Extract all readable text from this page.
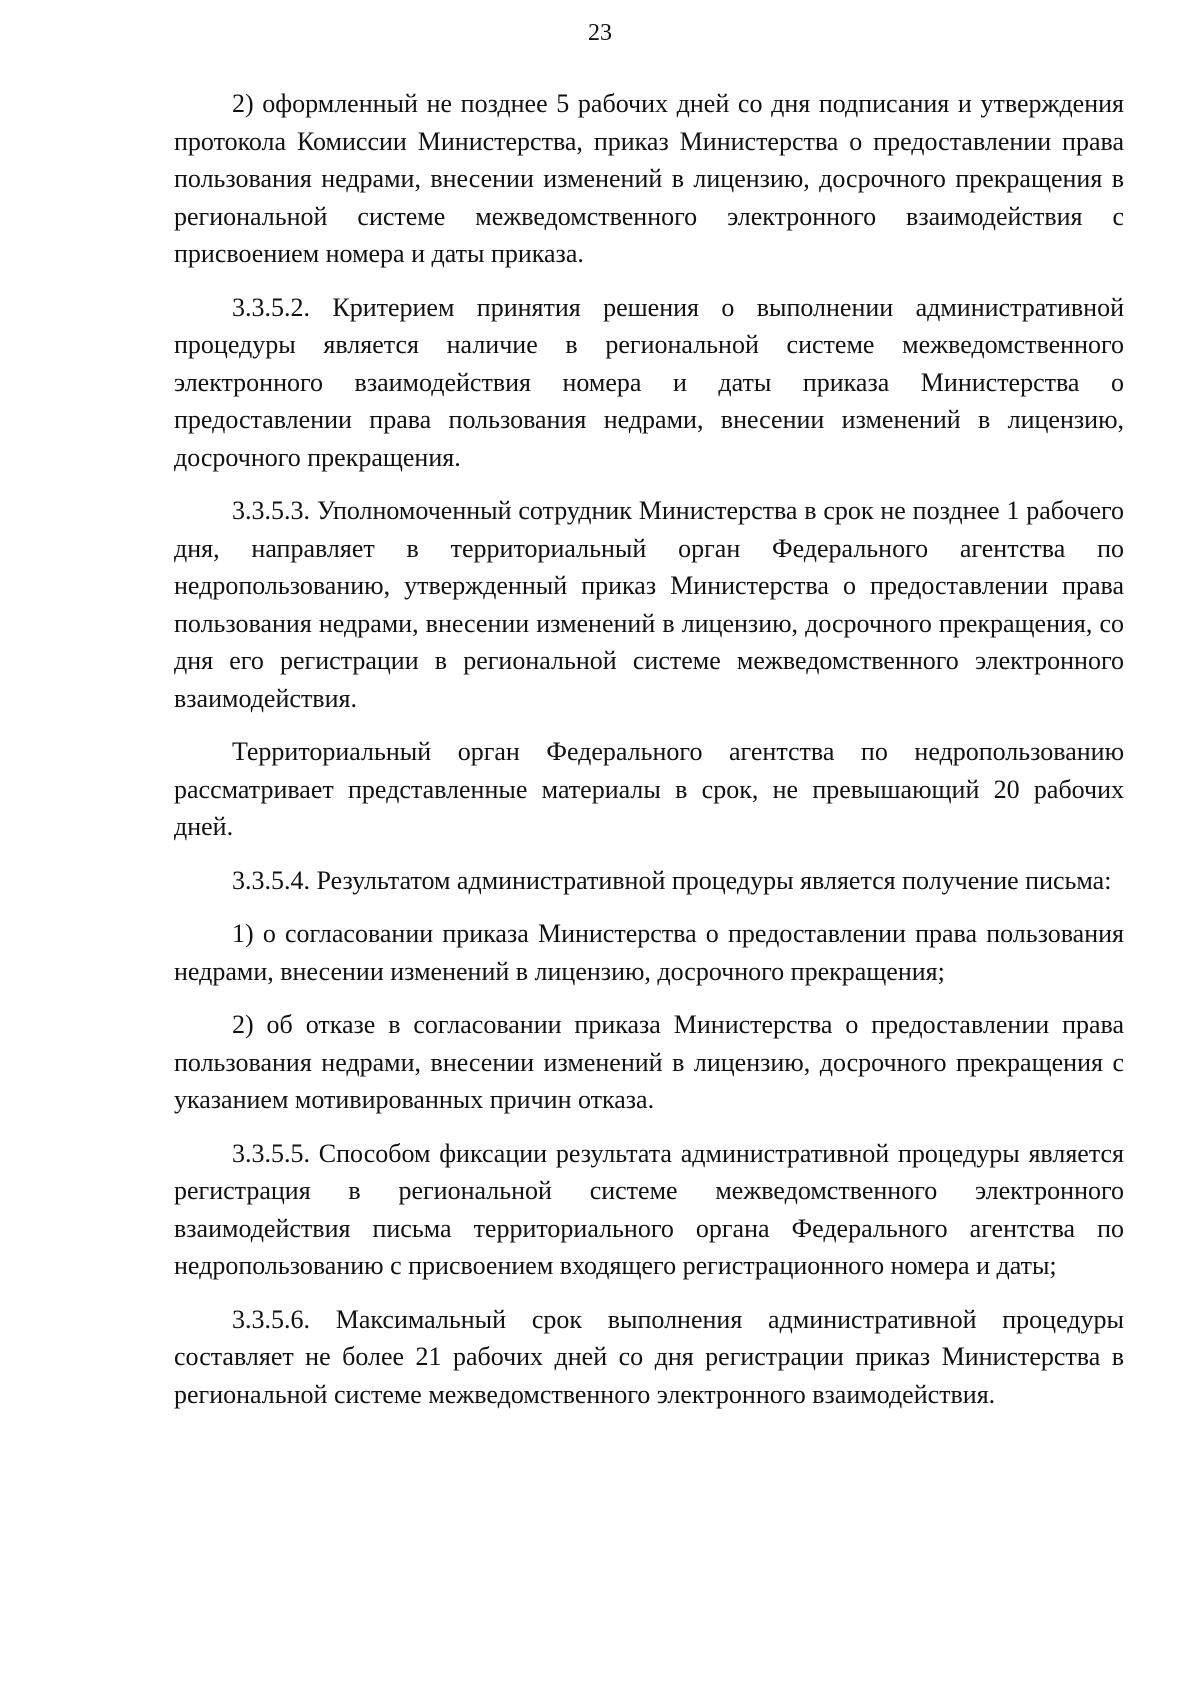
23

2) оформленный не позднее 5 рабочих дней со дня подписания и утверждения протокола Комиссии Министерства, приказ Министерства о предоставлении права пользования недрами, внесении изменений в лицензию, досрочного прекращения в региональной системе межведомственного электронного взаимодействия с присвоением номера и даты приказа.

3.3.5.2. Критерием принятия решения о выполнении административной процедуры является наличие в региональной системе межведомственного электронного взаимодействия номера и даты приказа Министерства о предоставлении права пользования недрами, внесении изменений в лицензию, досрочного прекращения.

3.3.5.3. Уполномоченный сотрудник Министерства в срок не позднее 1 рабочего дня, направляет в территориальный орган Федерального агентства по недропользованию, утвержденный приказ Министерства о предоставлении права пользования недрами, внесении изменений в лицензию, досрочного прекращения, со дня его регистрации в региональной системе межведомственного электронного взаимодействия.

Территориальный орган Федерального агентства по недропользованию рассматривает представленные материалы в срок, не превышающий 20 рабочих дней.

3.3.5.4. Результатом административной процедуры является получение письма:

1) о согласовании приказа Министерства о предоставлении права пользования недрами, внесении изменений в лицензию, досрочного прекращения;

2) об отказе в согласовании приказа Министерства о предоставлении права пользования недрами, внесении изменений в лицензию, досрочного прекращения с указанием мотивированных причин отказа.

3.3.5.5. Способом фиксации результата административной процедуры является регистрация в региональной системе межведомственного электронного взаимодействия письма территориального органа Федерального агентства по недропользованию с присвоением входящего регистрационного номера и даты;

3.3.5.6. Максимальный срок выполнения административной процедуры составляет не более 21 рабочих дней со дня регистрации приказ Министерства в региональной системе межведомственного электронного взаимодействия.
